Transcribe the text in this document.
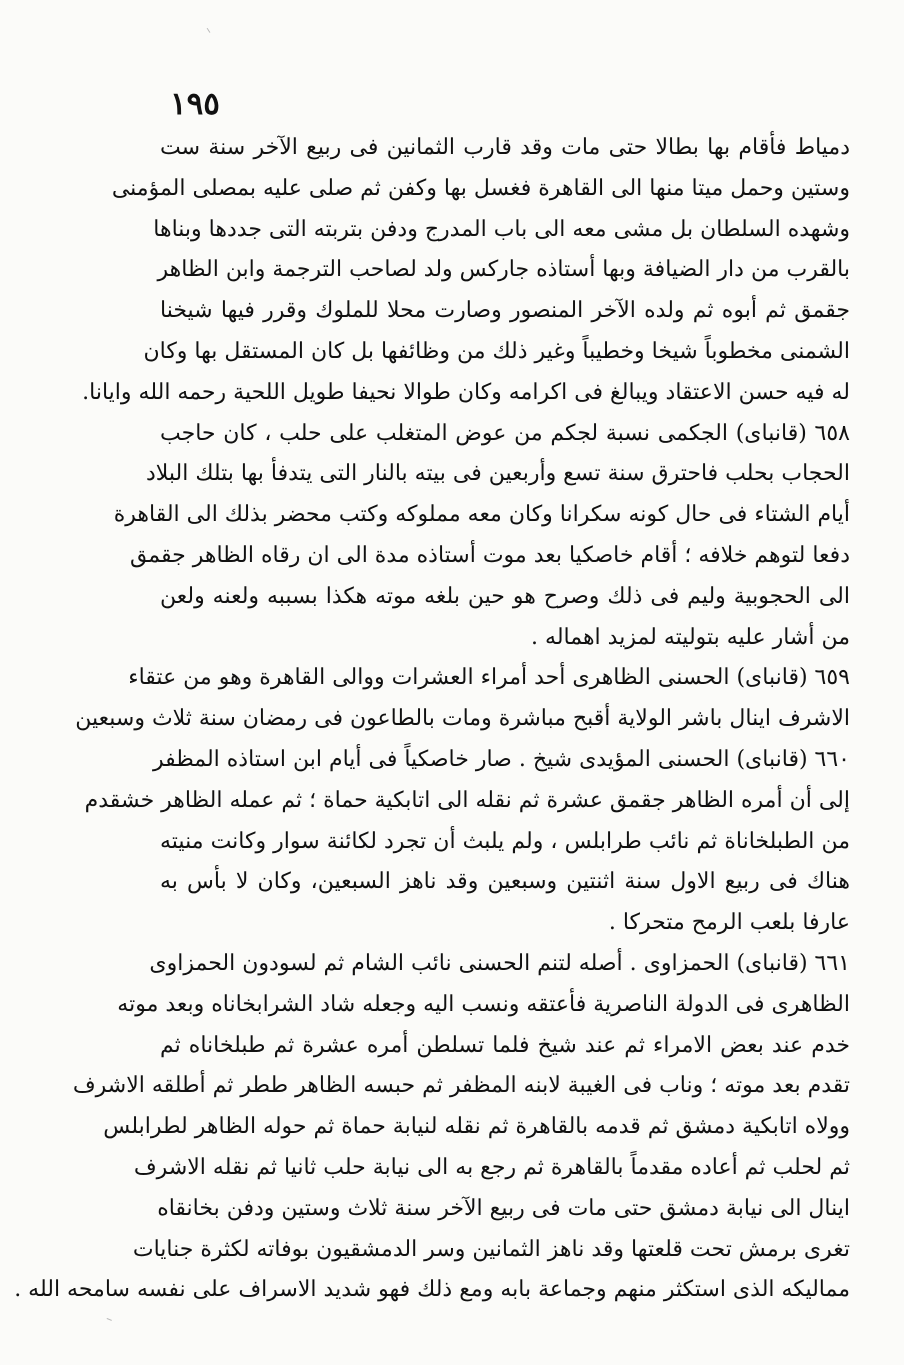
ﹶ
١٩٥
دمياط فأقام بها بطالا حتى مات وقد قارب الثمانين فى ربيع الآخر سنة ست
وستين وحمل ميتا منها الى القاهرة فغسل بها وكفن ثم صلى عليه بمصلى المؤمنى
وشهده السلطان بل مشى معه الى باب المدرج ودفن بتربته التى جددها وبناها
بالقرب من دار الضيافة وبها أستاذه جاركس ولد لصاحب الترجمة وابن الظاهر
جقمق ثم أبوه ثم ولده الآخر المنصور وصارت محلا للملوك وقرر فيها شيخنا
الشمنى مخطوباً شيخا وخطيباً وغير ذلك من وظائفها بل كان المستقل بها وكان
له فيه حسن الاعتقاد ويبالغ فى اكرامه وكان طوالا نحيفا طويل اللحية رحمه الله وايانا.
٦٥٨ (قانباى) الجكمى نسبة لجكم من عوض المتغلب على حلب ، كان حاجب
الحجاب بحلب فاحترق سنة تسع وأربعين فى بيته بالنار التى يتدفأ بها بتلك البلاد
أيام الشتاء فى حال كونه سكرانا وكان معه مملوكه وكتب محضر بذلك الى القاهرة
دفعا لتوهم خلافه ؛ أقام خاصكيا بعد موت أستاذه مدة الى ان رقاه الظاهر جقمق
الى الحجوبية وليم فى ذلك وصرح هو حين بلغه موته هكذا بسببه ولعنه ولعن
من أشار عليه بتوليته لمزيد اهماله .
٦٥٩ (قانباى) الحسنى الظاهرى أحد أمراء العشرات ووالى القاهرة وهو من عتقاء
الاشرف اينال باشر الولاية أقبح مباشرة ومات بالطاعون فى رمضان سنة ثلاث وسبعين
٦٦٠ (قانباى) الحسنى المؤيدى شيخ . صار خاصكياً فى أيام ابن استاذه المظفر
إلى أن أمره الظاهر جقمق عشرة ثم نقله الى اتابكية حماة ؛ ثم عمله الظاهر خشقدم
من الطبلخاناة ثم نائب طرابلس ، ولم يلبث أن تجرد لكائنة سوار وكانت منيته
هناك فى ربيع الاول سنة اثنتين وسبعين وقد ناهز السبعين، وكان لا بأس به
عارفا بلعب الرمح متحركا .
٦٦١ (قانباى) الحمزاوى . أصله لتنم الحسنى نائب الشام ثم لسودون الحمزاوى
الظاهرى فى الدولة الناصرية فأعتقه ونسب اليه وجعله شاد الشرابخاناه وبعد موته
خدم عند بعض الامراء ثم عند شيخ فلما تسلطن أمره عشرة ثم طبلخاناه ثم
تقدم بعد موته ؛ وناب فى الغيبة لابنه المظفر ثم حبسه الظاهر ططر ثم أطلقه الاشرف
وولاه اتابكية دمشق ثم قدمه بالقاهرة ثم نقله لنيابة حماة ثم حوله الظاهر لطرابلس
ثم لحلب ثم أعاده مقدماً بالقاهرة ثم رجع به الى نيابة حلب ثانيا ثم نقله الاشرف
اينال الى نيابة دمشق حتى مات فى ربيع الآخر سنة ثلاث وستين ودفن بخانقاه
تغرى برمش تحت قلعتها وقد ناهز الثمانين وسر الدمشقيون بوفاته لكثرة جنايات
مماليكه الذى استكثر منهم وجماعة بابه ومع ذلك فهو شديد الاسراف على نفسه سامحه الله .
ﹶ
